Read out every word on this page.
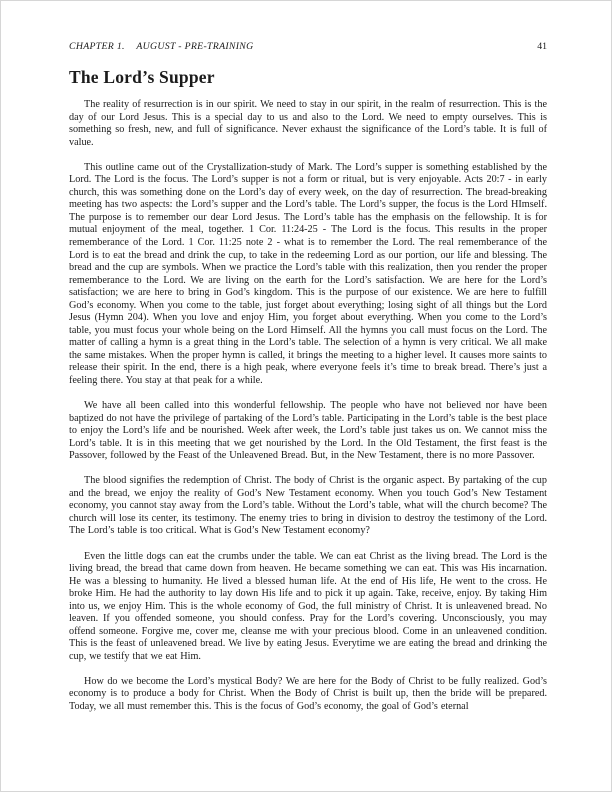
CHAPTER 1. AUGUST - PRE-TRAINING	41
The Lord’s Supper

The reality of resurrection is in our spirit. We need to stay in our spirit, in the realm of resurrection. This is the day of our Lord Jesus. This is a special day to us and also to the Lord. We need to empty ourselves. This is something so fresh, new, and full of significance. Never exhaust the significance of the Lord’s table. It is full of value.

This outline came out of the Crystallization-study of Mark. The Lord’s supper is something established by the Lord. The Lord is the focus. The Lord’s supper is not a form or ritual, but is very enjoyable. Acts 20:7 - in early church, this was something done on the Lord’s day of every week, on the day of resurrection. The bread-breaking meeting has two aspects: the Lord’s supper and the Lord’s table. The Lord’s supper, the focus is the Lord HImself. The purpose is to remember our dear Lord Jesus. The Lord’s table has the emphasis on the fellowship. It is for mutual enjoyment of the meal, together. 1 Cor. 11:24-25 - The Lord is the focus. This results in the proper rememberance of the Lord. 1 Cor. 11:25 note 2 - what is to remember the Lord. The real rememberance of the Lord is to eat the bread and drink the cup, to take in the redeeming Lord as our portion, our life and blessing. The bread and the cup are symbols. When we practice the Lord’s table with this realization, then you render the proper rememberance to the Lord. We are living on the earth for the Lord’s satisfaction. We are here for the Lord’s satisfaction; we are here to bring in God’s kingdom. This is the purpose of our existence. We are here to fulfill God’s economy. When you come to the table, just forget about everything; losing sight of all things but the Lord Jesus (Hymn 204). When you love and enjoy Him, you forget about everything. When you come to the Lord’s table, you must focus your whole being on the Lord Himself. All the hymns you call must focus on the Lord. The matter of calling a hymn is a great thing in the Lord’s table. The selection of a hymn is very critical. We all make the same mistakes. When the proper hymn is called, it brings the meeting to a higher level. It causes more saints to release their spirit. In the end, there is a high peak, where everyone feels it’s time to break bread. There’s just a feeling there. You stay at that peak for a while.

We have all been called into this wonderful fellowship. The people who have not believed nor have been baptized do not have the privilege of partaking of the Lord’s table. Participating in the Lord’s table is the best place to enjoy the Lord’s life and be nourished. Week after week, the Lord’s table just takes us on. We cannot miss the Lord’s table. It is in this meeting that we get nourished by the Lord. In the Old Testament, the first feast is the Passover, followed by the Feast of the Unleavened Bread. But, in the New Testament, there is no more Passover.

The blood signifies the redemption of Christ. The body of Christ is the organic aspect. By partaking of the cup and the bread, we enjoy the reality of God’s New Testament economy. When you touch God’s New Testament economy, you cannot stay away from the Lord’s table. Without the Lord’s table, what will the church become? The church will lose its center, its testimony. The enemy tries to bring in division to destroy the testimony of the Lord. The Lord’s table is too critical. What is God’s New Testament economy?

Even the little dogs can eat the crumbs under the table. We can eat Christ as the living bread. The Lord is the living bread, the bread that came down from heaven. He became something we can eat. This was His incarnation. He was a blessing to humanity. He lived a blessed human life. At the end of His life, He went to the cross. He broke Him. He had the authority to lay down His life and to pick it up again. Take, receive, enjoy. By taking Him into us, we enjoy Him. This is the whole economy of God, the full ministry of Christ. It is unleavened bread. No leaven. If you offended someone, you should confess. Pray for the Lord’s covering. Unconsciously, you may offend someone. Forgive me, cover me, cleanse me with your precious blood. Come in an unleavened condition. This is the feast of unleavened bread. We live by eating Jesus. Everytime we are eating the bread and drinking the cup, we testify that we eat Him.

How do we become the Lord’s mystical Body? We are here for the Body of Christ to be fully realized. God’s economy is to produce a body for Christ. When the Body of Christ is built up, then the bride will be prepared. Today, we all must remember this. This is the focus of God’s economy, the goal of God’s eternal
